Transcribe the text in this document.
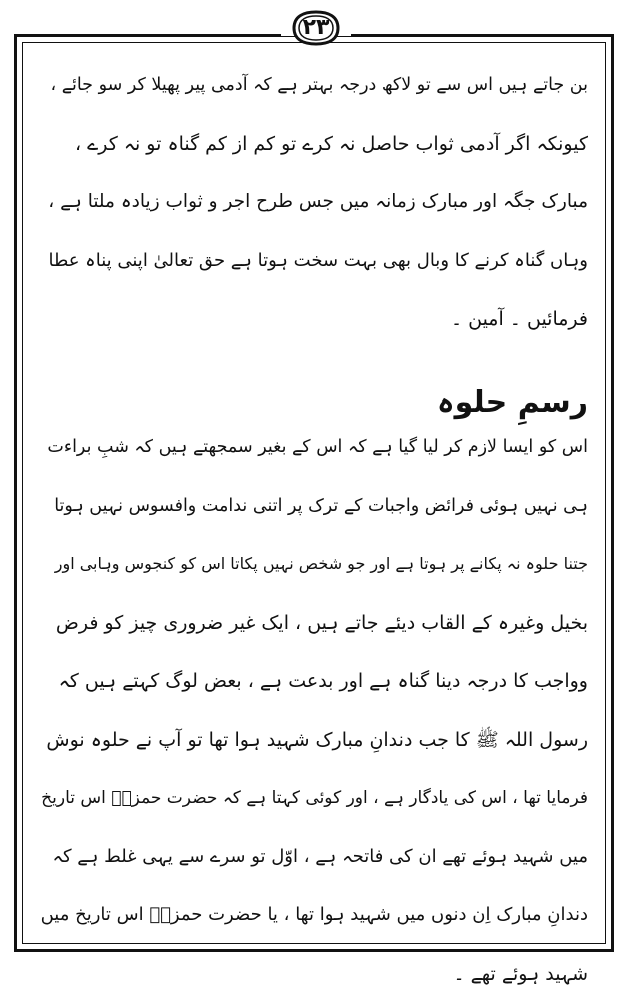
۲۳
بن جاتے ہیں اس سے تو لاکھ درجہ بہتر ہے کہ آدمی پیر پھیلا کر سو جائے ،
کیونکہ اگر آدمی ثواب حاصل نہ کرے تو کم از کم گناہ تو نہ کرے ،
مبارک جگہ اور مبارک زمانہ میں جس طرح اجر و ثواب زیادہ ملتا ہے ،
وہاں گناہ کرنے کا وبال بھی بہت سخت ہوتا ہے حق تعالیٰ اپنی پناہ عطا
فرمائیں ۔ آمین ۔
رسمِ حلوہ
اس کو ایسا لازم کر لیا گیا ہے کہ اس کے بغیر سمجھتے ہیں کہ شبِ براءت
ہی نہیں ہوئی فرائض واجبات کے ترک پر اتنی ندامت وافسوس نہیں ہوتا
جتنا حلوہ نہ پکانے پر ہوتا ہے اور جو شخص نہیں پکاتا اس کو کنجوس وہابی اور
بخیل وغیرہ کے القاب دیئے جاتے ہیں ، ایک غیر ضروری چیز کو فرض
وواجب کا درجہ دینا گناہ ہے اور بدعت ہے ، بعض لوگ کہتے ہیں کہ
رسول اللہ ﷺ کا جب دندانِ مبارک شہید ہوا تھا تو آپ نے حلوہ نوش
فرمایا تھا ، اس کی یادگار ہے ، اور کوئی کہتا ہے کہ حضرت حمزہؓ اس تاریخ
میں شہید ہوئے تھے ان کی فاتحہ ہے ، اوّل تو سرے سے یہی غلط ہے کہ
دندانِ مبارک اِن دنوں میں شہید ہوا تھا ، یا حضرت حمزہؓ اس تاریخ میں
شہید ہوئے تھے ۔
